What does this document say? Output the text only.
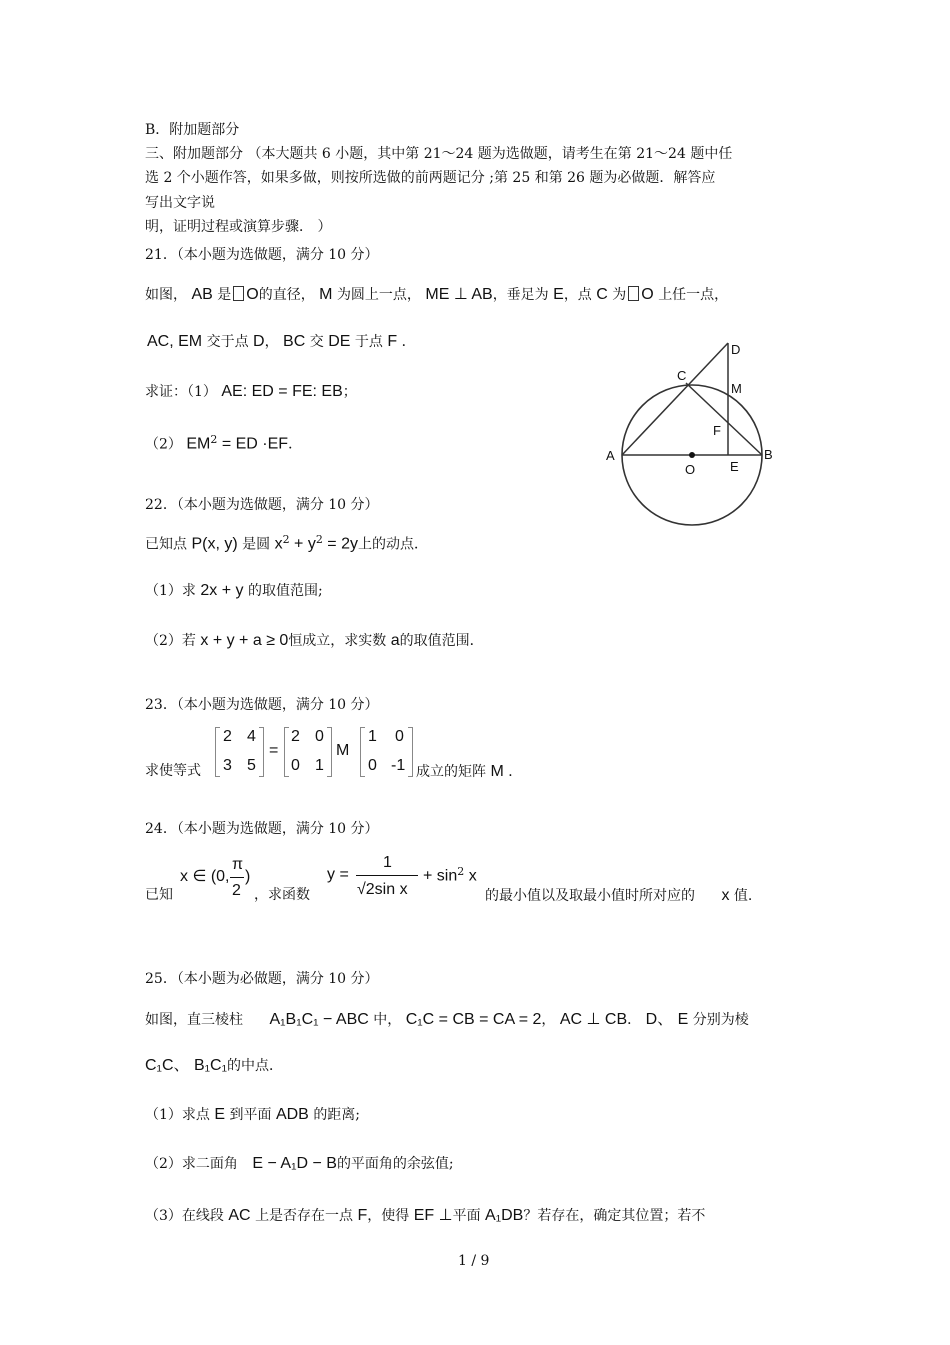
B．附加题部分
三、附加题部分 （本大题共 6 小题，其中第 21～24 题为选做题，请考生在第 21～24 题中任
选 2 个小题作答，如果多做，则按所选做的前两题记分 ;第 25 和第 26 题为必做题．解答应
写出文字说
明，证明过程或演算步骤． ）
21．（本小题为选做题，满分 10 分）
如图， AB 是 O的直径， M 为圆上一点， ME ⊥ AB，垂足为 E，点 C 为 O 上任一点，
AC, EM 交于点 D， BC 交 DE 于点 F ．
求证：（1） AE: ED = FE: EB；
（2） $EM^2$ = ED ·EF．
A	B
C
D
M
F
O	E
22．（本小题为选做题，满分 10 分）
已知点 P(x, y) 是圆 $x^2 + y^2 = 2y$上的动点．
（1）求 2x + y 的取值范围;
（2）若 x + y + a ≥ 0恒成立，求实数 a的取值范围．
23．（本小题为选做题，满分 10 分）
求使等式
2 4
3 5
=
2 0
0 1
M
1 0
0 -1 成立的矩阵 M ．
24．（本小题为选做题，满分 10 分）
已知
x ∈ (0,
π
2
)
，求函数
y =
1
√2sin x
+ $\sin^2 x$
的最小值以及取最小值时所对应的 x 值.
25．（本小题为必做题，满分 10 分）
如图，直三棱柱 A₁B₁C₁ − ABC 中， C₁C = CB = CA = 2， AC ⊥ CB． D、 E 分别为棱
C₁C、 B₁C₁的中点．
（1）求点 E 到平面 ADB 的距离;
（2）求二面角 E − A₁D − B的平面角的余弦值;
（3）在线段 AC 上是否存在一点 F，使得 EF ⊥平面 A₁DB？若存在，确定其位置；若不
1 / 9
